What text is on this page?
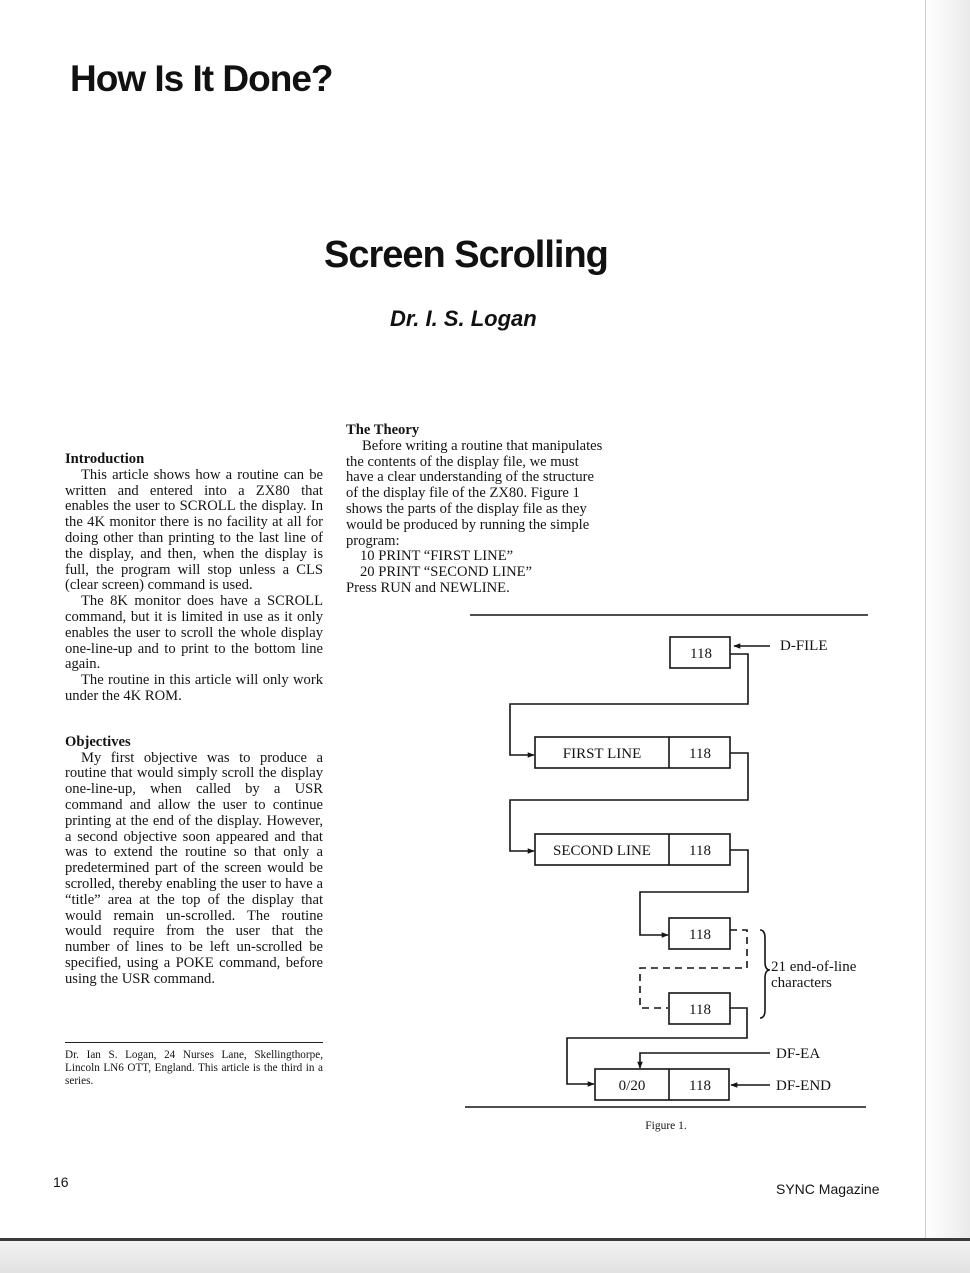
How Is It Done?
Screen Scrolling
Dr. I. S. Logan
Introduction

This article shows how a routine can be written and entered into a ZX80 that enables the user to SCROLL the display. In the 4K monitor there is no facility at all for doing other than printing to the last line of the display, and then, when the display is full, the program will stop unless a CLS (clear screen) command is used.

The 8K monitor does have a SCROLL command, but it is limited in use as it only enables the user to scroll the whole display one-line-up and to print to the bottom line again.

The routine in this article will only work under the 4K ROM.

Objectives

My first objective was to produce a routine that would simply scroll the display one-line-up, when called by a USR command and allow the user to continue printing at the end of the display. However, a second objective soon appeared and that was to extend the routine so that only a predetermined part of the screen would be scrolled, thereby enabling the user to have a “title” area at the top of the display that would remain un-scrolled. The routine would require from the user that the number of lines to be left un-scrolled be specified, using a POKE command, before using the USR command.

Dr. Ian S. Logan, 24 Nurses Lane, Skellingthorpe, Lincoln LN6 OTT, England. This article is the third in a series.
The Theory

Before writing a routine that manipulates the contents of the display file, we must have a clear understanding of the structure of the display file of the ZX80. Figure 1 shows the parts of the display file as they would be produced by running the simple program:

10 PRINT “FIRST LINE”

20 PRINT “SECOND LINE”

Press RUN and NEWLINE.

118	D-FILE
FIRST LINE	118
SECOND LINE	118
118
118
21 end-of-line
characters
DF-EA
0/20	118	DF-END
Figure 1.
16	SYNC Magazine
